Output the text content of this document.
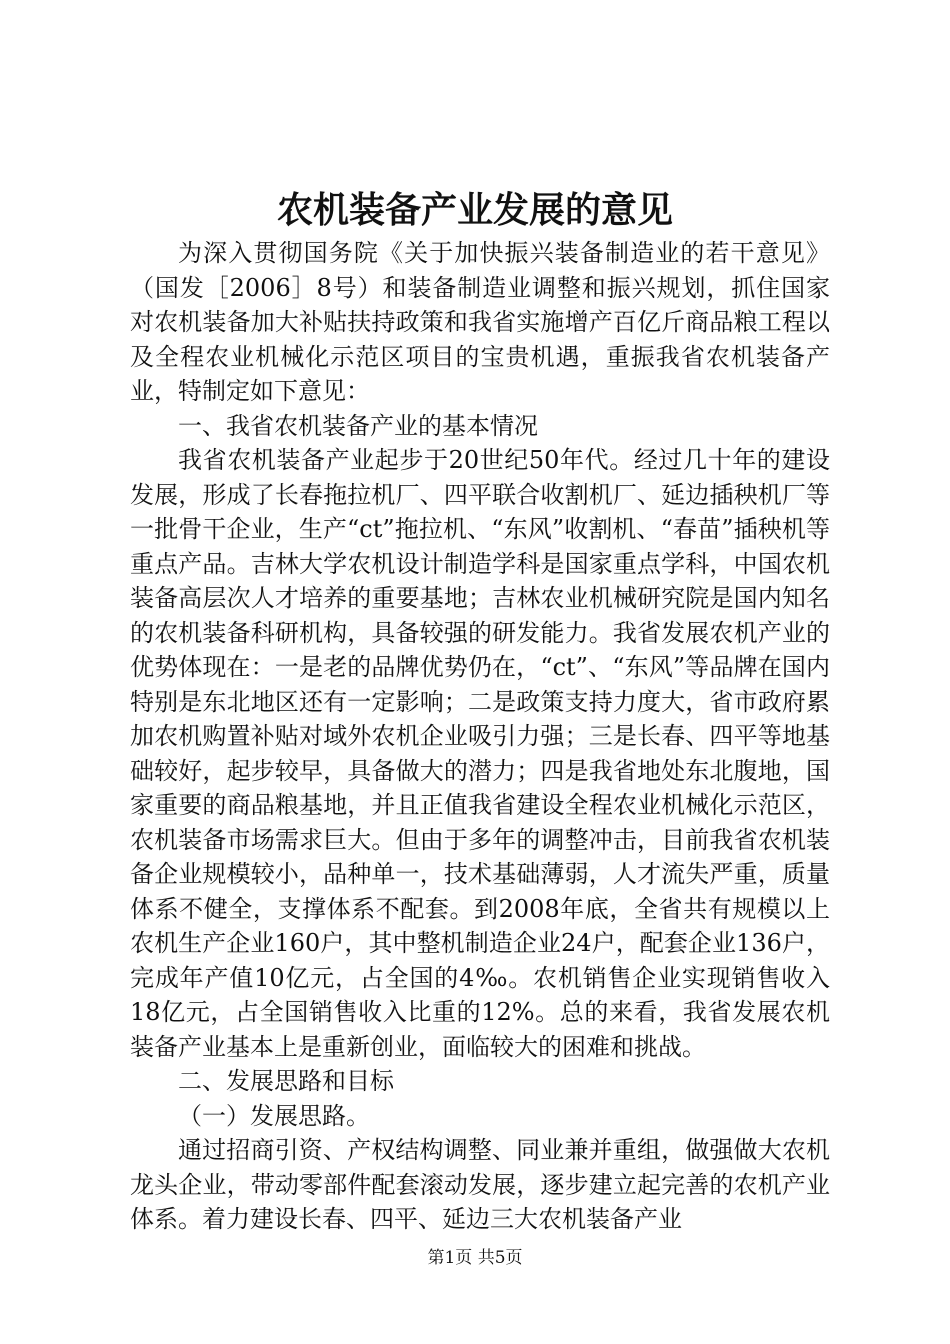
农机装备产业发展的意见

为深入贯彻国务院《关于加快振兴装备制造业的若干意见》（国发［2006］8号）和装备制造业调整和振兴规划，抓住国家对农机装备加大补贴扶持政策和我省实施增产百亿斤商品粮工程以及全程农业机械化示范区项目的宝贵机遇，重振我省农机装备产业，特制定如下意见：

一、我省农机装备产业的基本情况

我省农机装备产业起步于20世纪50年代。经过几十年的建设发展，形成了长春拖拉机厂、四平联合收割机厂、延边插秧机厂等一批骨干企业，生产“ct”拖拉机、“东风”收割机、“春苗”插秧机等重点产品。吉林大学农机设计制造学科是国家重点学科，中国农机装备高层次人才培养的重要基地；吉林农业机械研究院是国内知名的农机装备科研机构，具备较强的研发能力。我省发展农机产业的优势体现在：一是老的品牌优势仍在，“ct”、“东风”等品牌在国内特别是东北地区还有一定影响；二是政策支持力度大，省市政府累加农机购置补贴对域外农机企业吸引力强；三是长春、四平等地基础较好，起步较早，具备做大的潜力；四是我省地处东北腹地，国家重要的商品粮基地，并且正值我省建设全程农业机械化示范区，农机装备市场需求巨大。但由于多年的调整冲击，目前我省农机装备企业规模较小，品种单一，技术基础薄弱，人才流失严重，质量体系不健全，支撑体系不配套。到2008年底，全省共有规模以上农机生产企业160户，其中整机制造企业24户，配套企业136户，完成年产值10亿元，占全国的4‰。农机销售企业实现销售收入18亿元，占全国销售收入比重的12%。总的来看，我省发展农机装备产业基本上是重新创业，面临较大的困难和挑战。

二、发展思路和目标

（一）发展思路。

通过招商引资、产权结构调整、同业兼并重组，做强做大农机龙头企业，带动零部件配套滚动发展，逐步建立起完善的农机产业体系。着力建设长春、四平、延边三大农机装备产业

第1页 共5页
